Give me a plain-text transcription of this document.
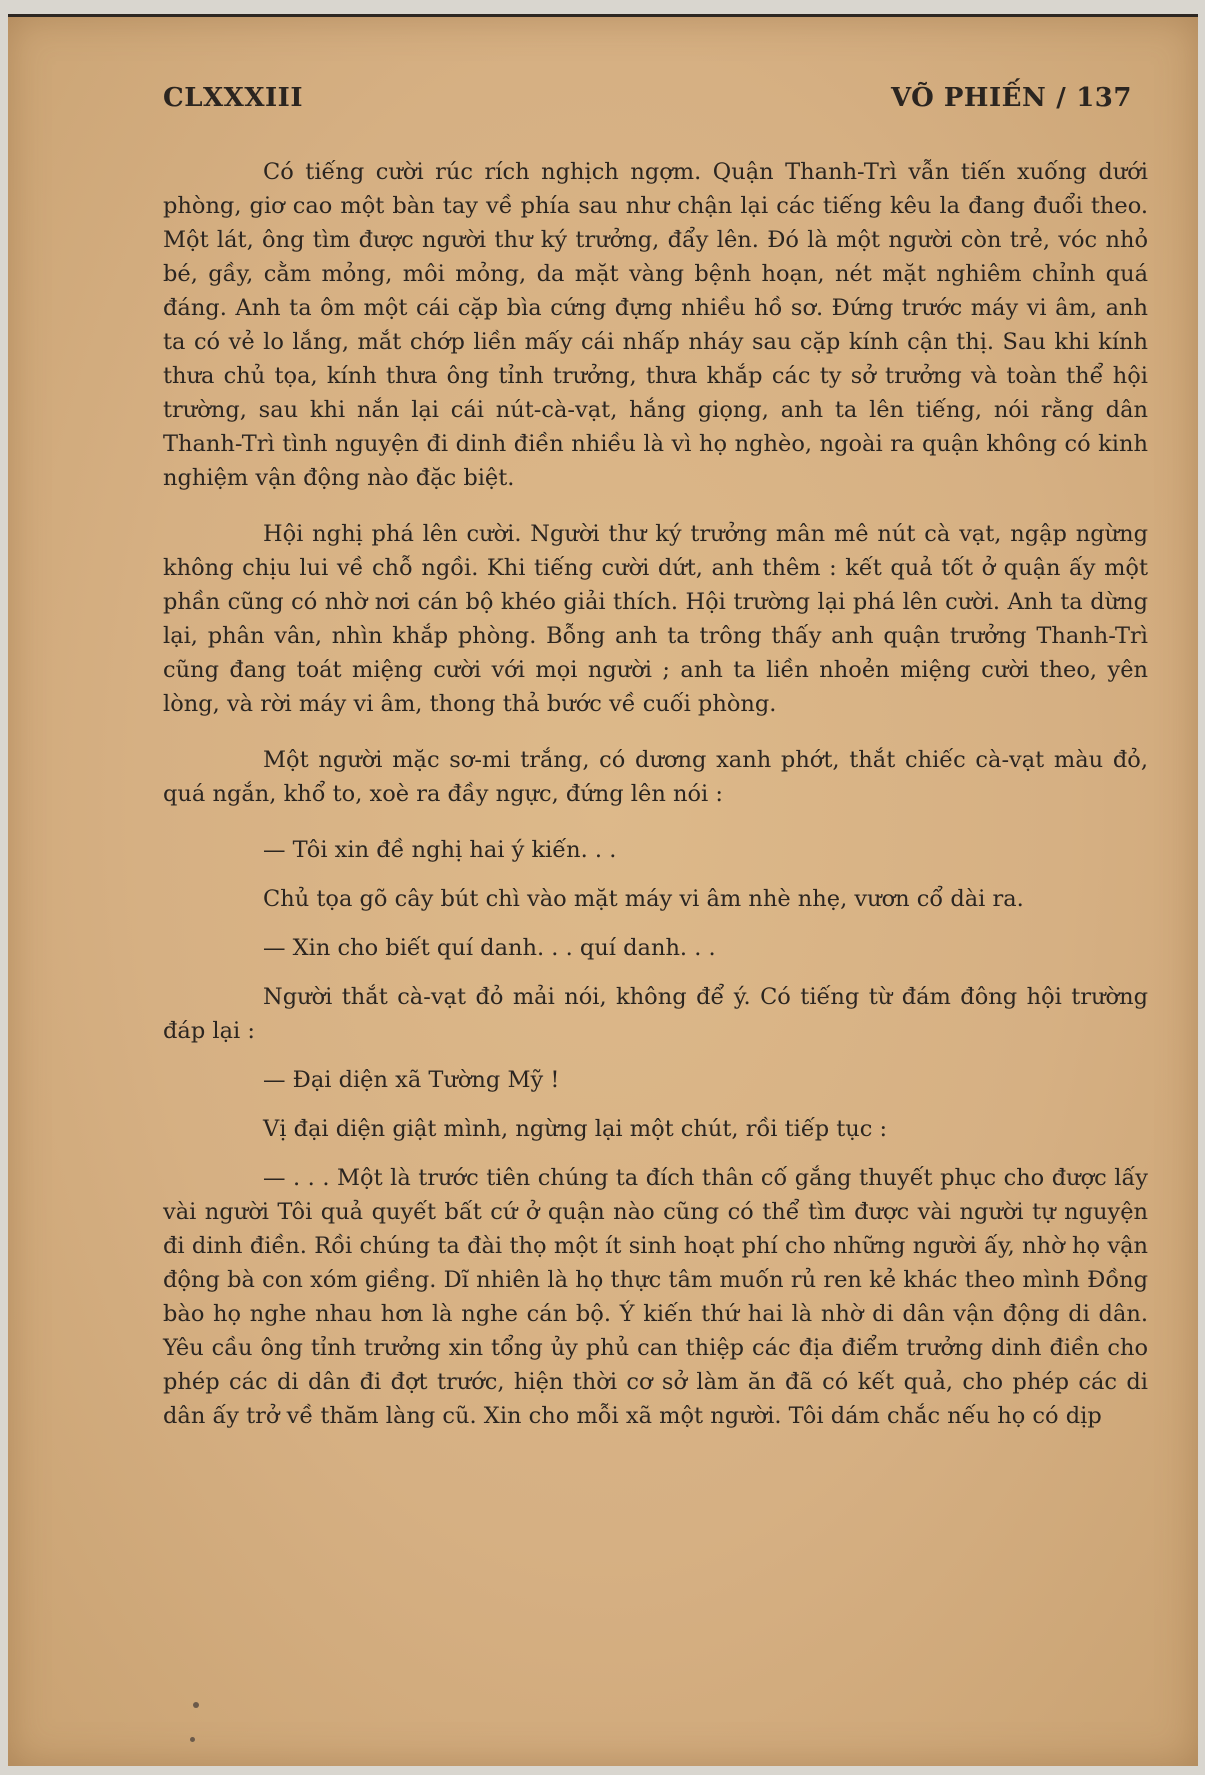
CLXXXIII	VÕ PHIẾN / 137

Có tiếng cười rúc rích nghịch ngợm. Quận Thanh-Trì vẫn tiến xuống dưới phòng, giơ cao một bàn tay về phía sau như chận lại các tiếng kêu la đang đuổi theo. Một lát, ông tìm được người thư ký trưởng, đẩy lên. Đó là một người còn trẻ, vóc nhỏ bé, gầy, cằm mỏng, môi mỏng, da mặt vàng bệnh hoạn, nét mặt nghiêm chỉnh quá đáng. Anh ta ôm một cái cặp bìa cứng đựng nhiều hồ sơ. Đứng trước máy vi âm, anh ta có vẻ lo lắng, mắt chớp liền mấy cái nhấp nháy sau cặp kính cận thị. Sau khi kính thưa chủ tọa, kính thưa ông tỉnh trưởng, thưa khắp các ty sở trưởng và toàn thể hội trường, sau khi nắn lại cái nút-cà-vạt, hắng giọng, anh ta lên tiếng, nói rằng dân Thanh-Trì tình nguyện đi dinh điền nhiều là vì họ nghèo, ngoài ra quận không có kinh nghiệm vận động nào đặc biệt.

Hội nghị phá lên cười. Người thư ký trưởng mân mê nút cà vạt, ngập ngừng không chịu lui về chỗ ngồi. Khi tiếng cười dứt, anh thêm : kết quả tốt ở quận ấy một phần cũng có nhờ nơi cán bộ khéo giải thích. Hội trường lại phá lên cười. Anh ta dừng lại, phân vân, nhìn khắp phòng. Bỗng anh ta trông thấy anh quận trưởng Thanh-Trì cũng đang toát miệng cười với mọi người ; anh ta liền nhoẻn miệng cười theo, yên lòng, và rời máy vi âm, thong thả bước về cuối phòng.

Một người mặc sơ-mi trắng, có dương xanh phớt, thắt chiếc cà-vạt màu đỏ, quá ngắn, khổ to, xoè ra đầy ngực, đứng lên nói :

— Tôi xin đề nghị hai ý kiến. . .

Chủ tọa gõ cây bút chì vào mặt máy vi âm nhè nhẹ, vươn cổ dài ra.

— Xin cho biết quí danh. . . quí danh. . .

Người thắt cà-vạt đỏ mải nói, không để ý. Có tiếng từ đám đông hội trường đáp lại :

— Đại diện xã Tường Mỹ !

Vị đại diện giật mình, ngừng lại một chút, rồi tiếp tục :

— . . . Một là trước tiên chúng ta đích thân cố gắng thuyết phục cho được lấy vài người Tôi quả quyết bất cứ ở quận nào cũng có thể tìm được vài người tự nguyện đi dinh điền. Rồi chúng ta đài thọ một ít sinh hoạt phí cho những người ấy, nhờ họ vận động bà con xóm giềng. Dĩ nhiên là họ thực tâm muốn rủ ren kẻ khác theo mình Đồng bào họ nghe nhau hơn là nghe cán bộ. Ý kiến thứ hai là nhờ di dân vận động di dân. Yêu cầu ông tỉnh trưởng xin tổng ủy phủ can thiệp các địa điểm trưởng dinh điền cho phép các di dân đi đợt trước, hiện thời cơ sở làm ăn đã có kết quả, cho phép các di dân ấy trở về thăm làng cũ. Xin cho mỗi xã một người. Tôi dám chắc nếu họ có dịp
